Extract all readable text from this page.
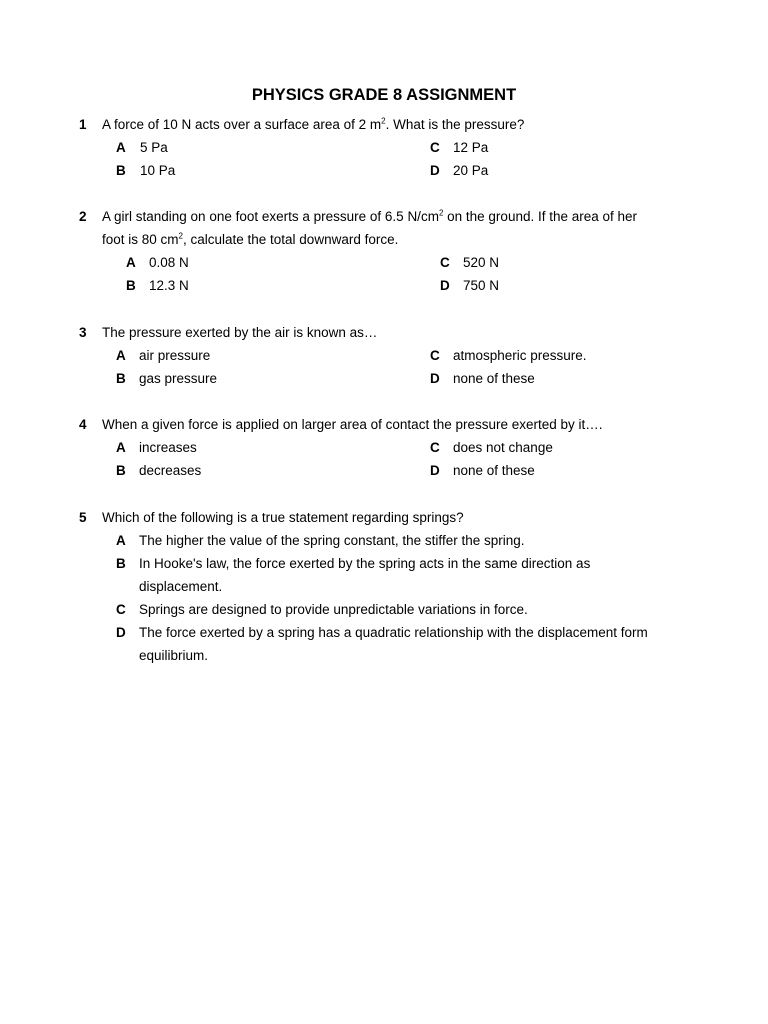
PHYSICS GRADE 8 ASSIGNMENT
1 A force of 10 N acts over a surface area of 2 $m^2$. What is the pressure?
A 5 Pa
B 10 Pa
C 12 Pa
D 20 Pa
2 A girl standing on one foot exerts a pressure of 6.5 $N/cm^2$ on the ground. If the area of her
foot is 80 $cm^2$, calculate the total downward force.
A 0.08 N
B 12.3 N
C 520 N
D 750 N
3 The pressure exerted by the air is known as…
A air pressure
B gas pressure
C atmospheric pressure.
D none of these
4 When a given force is applied on larger area of contact the pressure exerted by it….
A increases
B decreases
C does not change
D none of these
5 Which of the following is a true statement regarding springs?
A The higher the value of the spring constant, the stiffer the spring.
B In Hooke's law, the force exerted by the spring acts in the same direction as
displacement.
C Springs are designed to provide unpredictable variations in force.
D The force exerted by a spring has a quadratic relationship with the displacement form
equilibrium.
